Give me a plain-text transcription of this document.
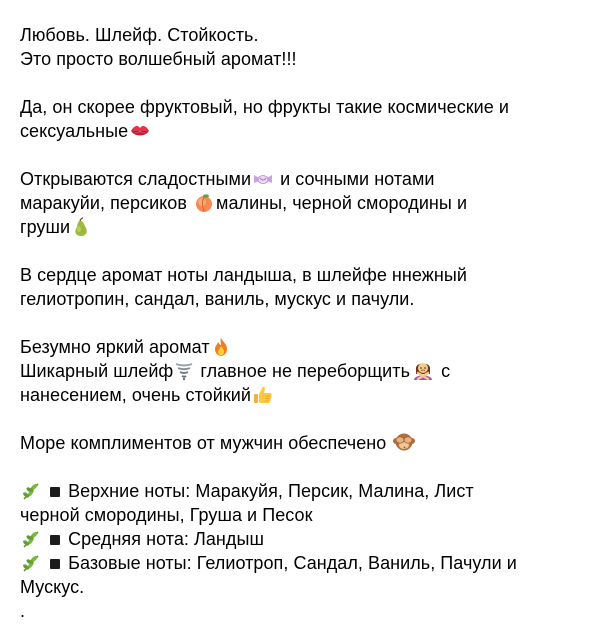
Любовь. Шлейф. Стойкость.
Это просто волшебный аромат!!!
Да, он скорее фруктовый, но фрукты такие космические и
сексуальные
Открываются сладостными
и сочными нотами
маракуйи, персиков
малины, черной смородины и
груши
В сердце аромат ноты ландыша, в шлейфе ннежный
гелиотропин, сандал, ваниль, мускус и пачули.
Безумно яркий аромат
Шикарный шлейф
главное не переборщить
с
нанесением, очень стойкий
Море комплиментов от мужчин обеспечено

Верхние ноты: Маракуйя, Персик, Малина, Лист
черной смородины, Груша и Песок

Средняя нота: Ландыш

Базовые ноты: Гелиотроп, Сандал, Ваниль, Пачули и
Мускус.
.
